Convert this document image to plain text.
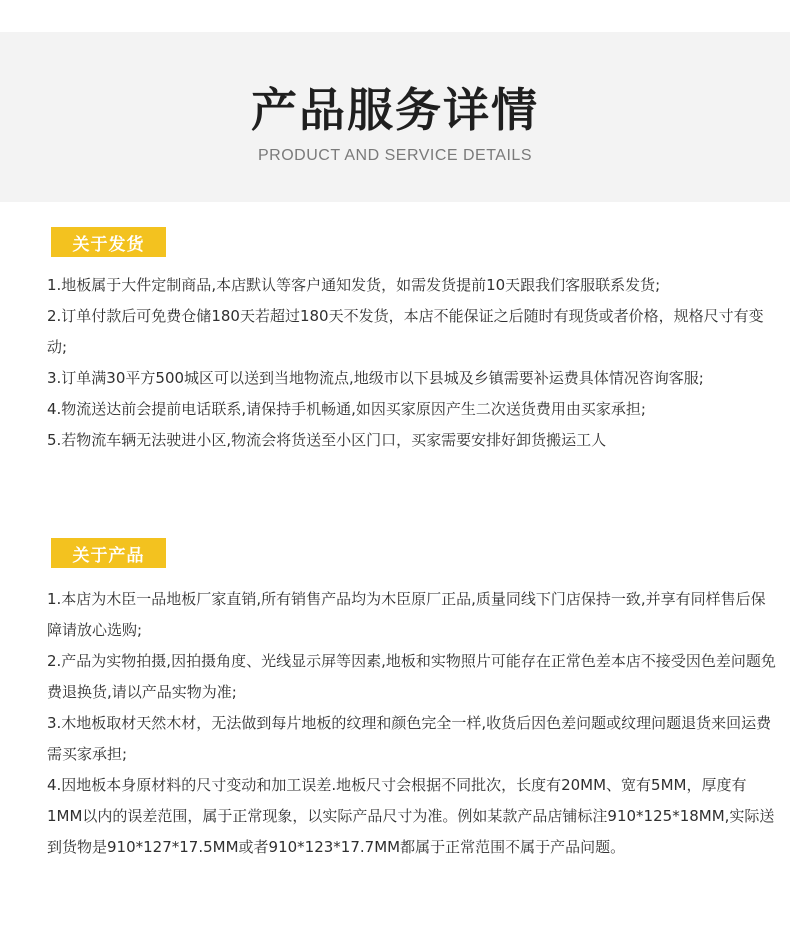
产品服务详情
PRODUCT AND SERVICE DETAILS
关于发货
1.地板属于大件定制商品,本店默认等客户通知发货，如需发货提前10天跟我们客服联系发货;
2.订单付款后可免费仓储180天若超过180天不发货，本店不能保证之后随时有现货或者价格，规格尺寸有变动;
3.订单满30平方500城区可以送到当地物流点,地级市以下县城及乡镇需要补运费具体情况咨询客服;
4.物流送达前会提前电话联系,请保持手机畅通,如因买家原因产生二次送货费用由买家承担;
5.若物流车辆无法驶进小区,物流会将货送至小区门口，买家需要安排好卸货搬运工人
关于产品
1.本店为木臣一品地板厂家直销,所有销售产品均为木臣原厂正品,质量同线下门店保持一致,并享有同样售后保障请放心选购;
2.产品为实物拍摄,因拍摄角度、光线显示屏等因素,地板和实物照片可能存在正常色差本店不接受因色差问题免费退换货,请以产品实物为准;
3.木地板取材天然木材，无法做到每片地板的纹理和颜色完全一样,收货后因色差问题或纹理问题退货来回运费需买家承担;
4.因地板本身原材料的尺寸变动和加工误差.地板尺寸会根据不同批次，长度有20MM、宽有5MM，厚度有1MM以内的误差范围，属于正常现象，以实际产品尺寸为准。例如某款产品店铺标注910*125*18MM,实际送到货物是910*127*17.5MM或者910*123*17.7MM都属于正常范围不属于产品问题。
